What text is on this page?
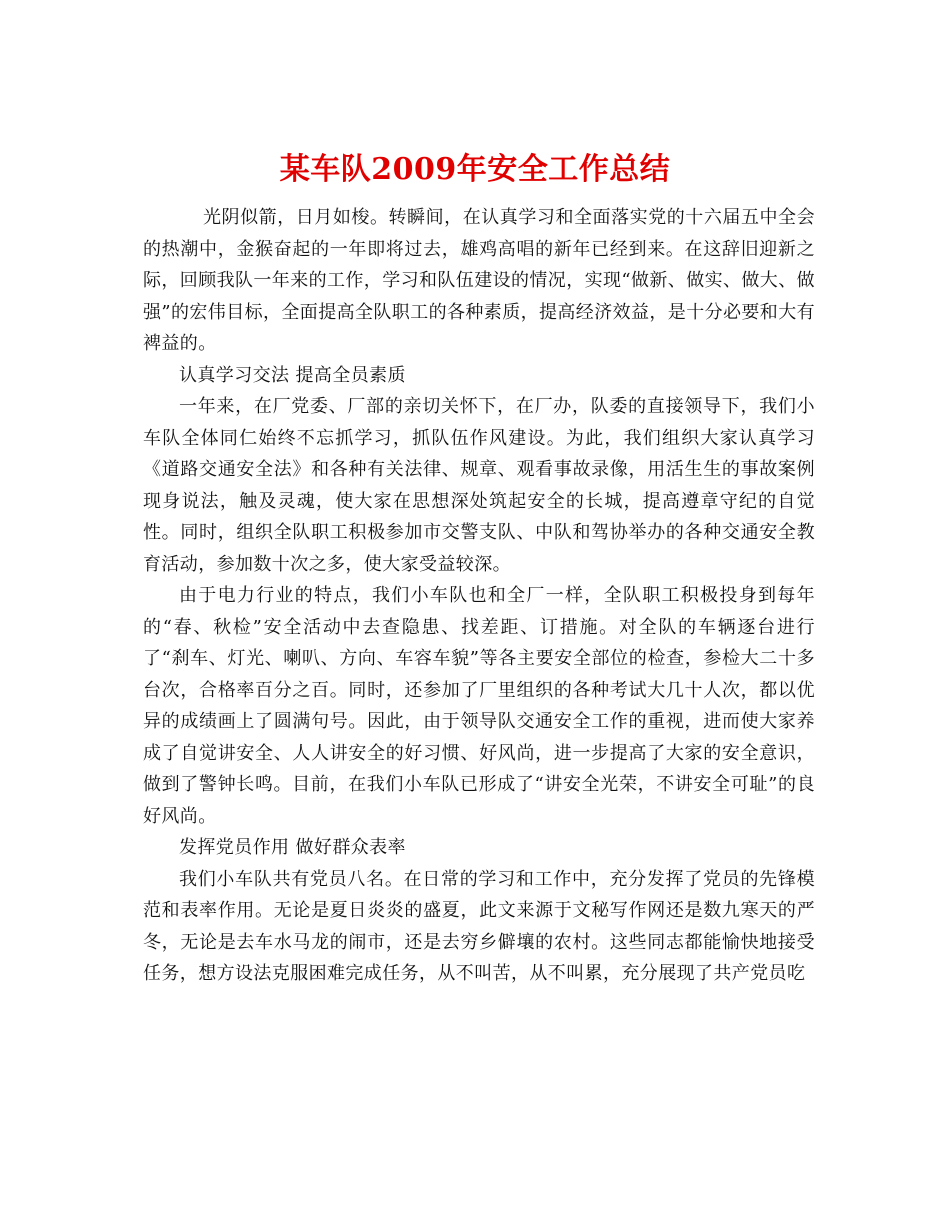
某车队2009年安全工作总结

光阴似箭，日月如梭。转瞬间，在认真学习和全面落实党的十六届五中全会的热潮中，金猴奋起的一年即将过去，雄鸡高唱的新年已经到来。在这辞旧迎新之际，回顾我队一年来的工作，学习和队伍建设的情况，实现“做新、做实、做大、做强”的宏伟目标，全面提高全队职工的各种素质，提高经济效益，是十分必要和大有裨益的。

认真学习交法 提高全员素质

一年来，在厂党委、厂部的亲切关怀下，在厂办，队委的直接领导下，我们小车队全体同仁始终不忘抓学习，抓队伍作风建设。为此，我们组织大家认真学习《道路交通安全法》和各种有关法律、规章、观看事故录像，用活生生的事故案例现身说法，触及灵魂，使大家在思想深处筑起安全的长城，提高遵章守纪的自觉性。同时，组织全队职工积极参加市交警支队、中队和驾协举办的各种交通安全教育活动，参加数十次之多，使大家受益较深。

由于电力行业的特点，我们小车队也和全厂一样，全队职工积极投身到每年的“春、秋检”安全活动中去查隐患、找差距、订措施。对全队的车辆逐台进行了“刹车、灯光、喇叭、方向、车容车貌”等各主要安全部位的检查，参检大二十多台次，合格率百分之百。同时，还参加了厂里组织的各种考试大几十人次，都以优异的成绩画上了圆满句号。因此，由于领导队交通安全工作的重视，进而使大家养成了自觉讲安全、人人讲安全的好习惯、好风尚，进一步提高了大家的安全意识，做到了警钟长鸣。目前，在我们小车队已形成了“讲安全光荣，不讲安全可耻”的良好风尚。

发挥党员作用 做好群众表率

我们小车队共有党员八名。在日常的学习和工作中，充分发挥了党员的先锋模范和表率作用。无论是夏日炎炎的盛夏，此文来源于文秘写作网还是数九寒天的严冬，无论是去车水马龙的闹市，还是去穷乡僻壤的农村。这些同志都能愉快地接受任务，想方设法克服困难完成任务，从不叫苦，从不叫累，充分展现了共产党员吃
